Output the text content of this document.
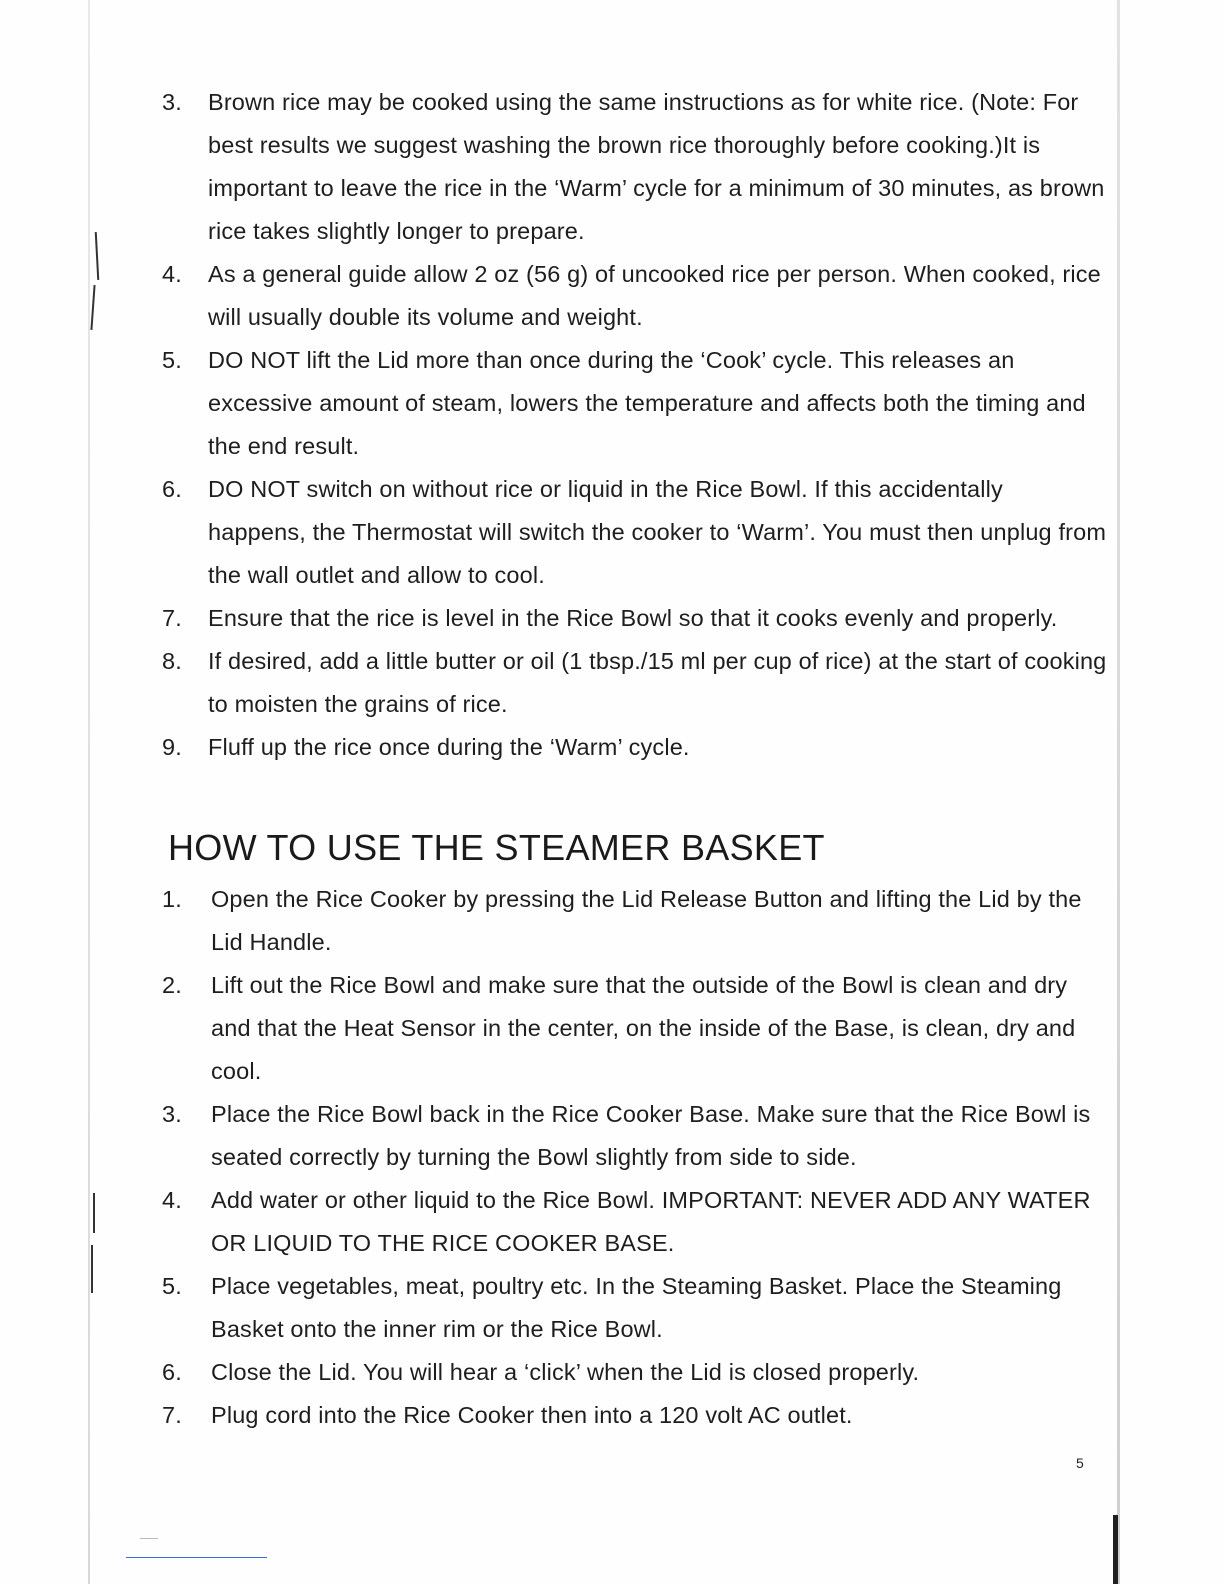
3.	Brown rice may be cooked using the same instructions as for white rice. (Note: For best results we suggest washing the brown rice thoroughly before cooking.)It is important to leave the rice in the ‘Warm’ cycle for a minimum of 30 minutes, as brown rice takes slightly longer to prepare.
4.	As a general guide allow 2 oz (56 g) of uncooked rice per person. When cooked, rice will usually double its volume and weight.
5.	DO NOT lift the Lid more than once during the ‘Cook’ cycle. This releases an excessive amount of steam, lowers the temperature and affects both the timing and the end result.
6.	DO NOT switch on without rice or liquid in the Rice Bowl. If this accidentally happens, the Thermostat will switch the cooker to ‘Warm’. You must then unplug from the wall outlet and allow to cool.
7.	Ensure that the rice is level in the Rice Bowl so that it cooks evenly and properly.
8.	If desired, add a little butter or oil (1 tbsp./15 ml per cup of rice) at the start of cooking to moisten the grains of rice.
9.	Fluff up the rice once during the ‘Warm’ cycle.
HOW TO USE THE STEAMER BASKET
1.	Open the Rice Cooker by pressing the Lid Release Button and lifting the Lid by the Lid Handle.
2.	Lift out the Rice Bowl and make sure that the outside of the Bowl is clean and dry and that the Heat Sensor in the center, on the inside of the Base, is clean, dry and cool.
3.	Place the Rice Bowl back in the Rice Cooker Base. Make sure that the Rice Bowl is seated correctly by turning the Bowl slightly from side to side.
4.	Add water or other liquid to the Rice Bowl. IMPORTANT: NEVER ADD ANY WATER OR LIQUID TO THE RICE COOKER BASE.
5.	Place vegetables, meat, poultry etc. In the Steaming Basket. Place the Steaming Basket onto the inner rim or the Rice Bowl.
6.	Close the Lid. You will hear a ‘click’ when the Lid is closed properly.
7.	Plug cord into the Rice Cooker then into a 120 volt AC outlet.
5
